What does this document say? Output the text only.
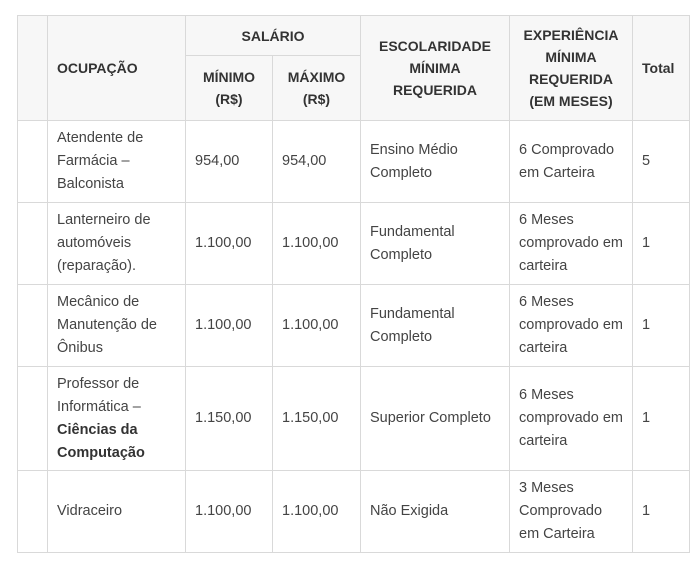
	OCUPAÇÃO	SALÁRIO		ESCOLARIDADE MÍNIMA REQUERIDA	EXPERIÊNCIA MÍNIMA REQUERIDA (EM MESES)	Total
		MÍNIMO (R$)	MÁXIMO (R$)			
	Atendente de Farmácia – Balconista	954,00	954,00	Ensino Médio Completo	6 Comprovado em Carteira	5
	Lanterneiro de automóveis (reparação).	1.100,00	1.100,00	Fundamental Completo	6 Meses comprovado em carteira	1
	Mecânico de Manutenção de Ônibus	1.100,00	1.100,00	Fundamental Completo	6 Meses comprovado em carteira	1
	Professor de Informática – Ciências da Computação	1.150,00	1.150,00	Superior Completo	6 Meses comprovado em carteira	1
	Vidraceiro	1.100,00	1.100,00	Não Exigida	3 Meses Comprovado em Carteira	1
